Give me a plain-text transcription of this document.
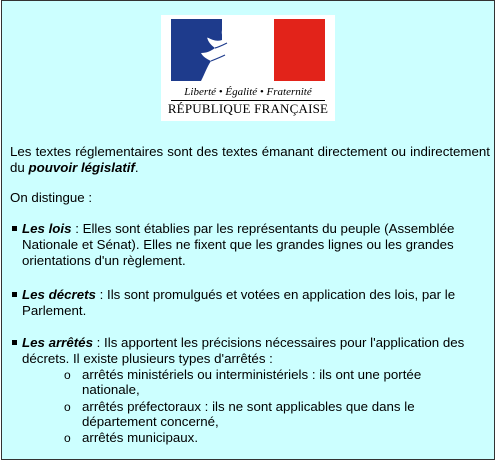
Liberté • Égalité • Fraternité
RÉPUBLIQUE FRANÇAISE
Les textes réglementaires sont des textes émanant directement ou indirectement du pouvoir législatif.
On distingue :
Les lois : Elles sont établies par les représentants du peuple (Assemblée Nationale et Sénat). Elles ne fixent que les grandes lignes ou les grandes orientations d'un règlement.
Les décrets : Ils sont promulgués et votées en application des lois, par le Parlement.
Les arrêtés : Ils apportent les précisions nécessaires pour l'application des décrets. Il existe plusieurs types d'arrêtés :
o arrêtés ministériels ou interministériels : ils ont une portée nationale,
o arrêtés préfectoraux : ils ne sont applicables que dans le département concerné,
o arrêtés municipaux.
